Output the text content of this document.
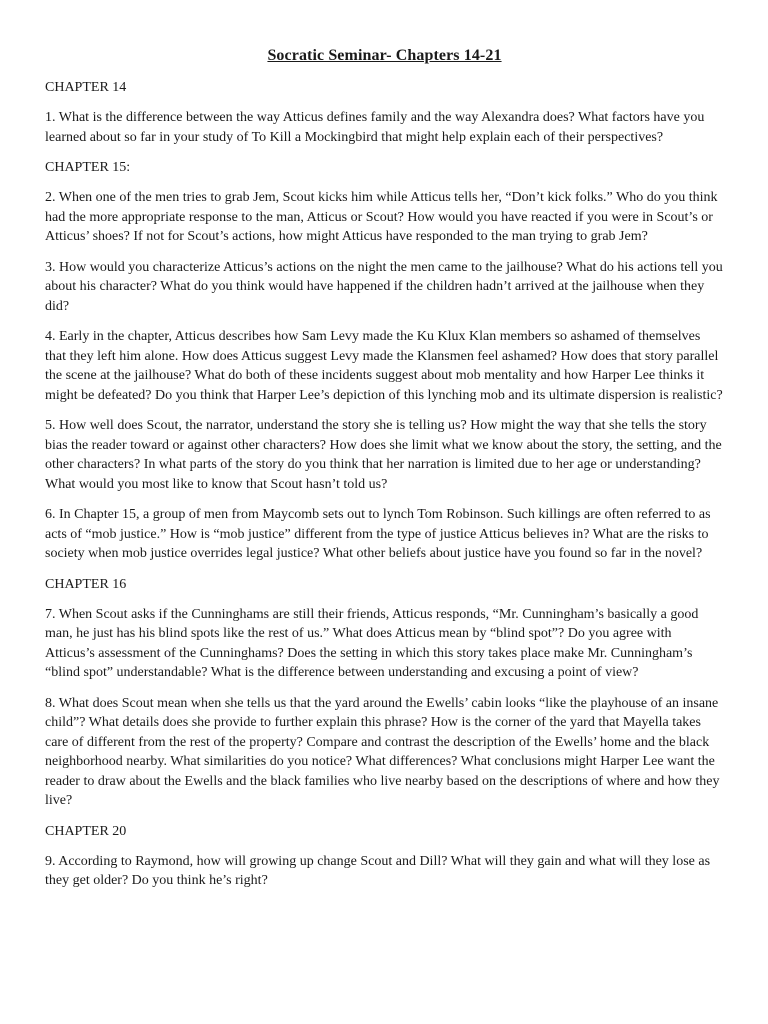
Socratic Seminar- Chapters 14-21
CHAPTER 14
1. What is the difference between the way Atticus defines family and the way Alexandra does? What factors have you learned about so far in your study of To Kill a Mockingbird that might help explain each of their perspectives?
CHAPTER 15:
2. When one of the men tries to grab Jem, Scout kicks him while Atticus tells her, “Don’t kick folks.” Who do you think had the more appropriate response to the man, Atticus or Scout? How would you have reacted if you were in Scout’s or Atticus’ shoes? If not for Scout’s actions, how might Atticus have responded to the man trying to grab Jem?
3. How would you characterize Atticus’s actions on the night the men came to the jailhouse? What do his actions tell you about his character? What do you think would have happened if the children hadn’t arrived at the jailhouse when they did?
4. Early in the chapter, Atticus describes how Sam Levy made the Ku Klux Klan members so ashamed of themselves that they left him alone. How does Atticus suggest Levy made the Klansmen feel ashamed? How does that story parallel the scene at the jailhouse? What do both of these incidents suggest about mob mentality and how Harper Lee thinks it might be defeated? Do you think that Harper Lee’s depiction of this lynching mob and its ultimate dispersion is realistic?
5. How well does Scout, the narrator, understand the story she is telling us? How might the way that she tells the story bias the reader toward or against other characters? How does she limit what we know about the story, the setting, and the other characters? In what parts of the story do you think that her narration is limited due to her age or understanding? What would you most like to know that Scout hasn’t told us?
6. In Chapter 15, a group of men from Maycomb sets out to lynch Tom Robinson. Such killings are often referred to as acts of “mob justice.” How is “mob justice” different from the type of justice Atticus believes in? What are the risks to society when mob justice overrides legal justice? What other beliefs about justice have you found so far in the novel?
CHAPTER 16
7. When Scout asks if the Cunninghams are still their friends, Atticus responds, “Mr. Cunningham’s basically a good man, he just has his blind spots like the rest of us.” What does Atticus mean by “blind spot”? Do you agree with Atticus’s assessment of the Cunninghams? Does the setting in which this story takes place make Mr. Cunningham’s “blind spot” understandable? What is the difference between understanding and excusing a point of view?
8. What does Scout mean when she tells us that the yard around the Ewells’ cabin looks “like the playhouse of an insane child”? What details does she provide to further explain this phrase? How is the corner of the yard that Mayella takes care of different from the rest of the property? Compare and contrast the description of the Ewells’ home and the black neighborhood nearby. What similarities do you notice? What differences? What conclusions might Harper Lee want the reader to draw about the Ewells and the black families who live nearby based on the descriptions of where and how they live?
CHAPTER 20
9. According to Raymond, how will growing up change Scout and Dill? What will they gain and what will they lose as they get older? Do you think he’s right?
